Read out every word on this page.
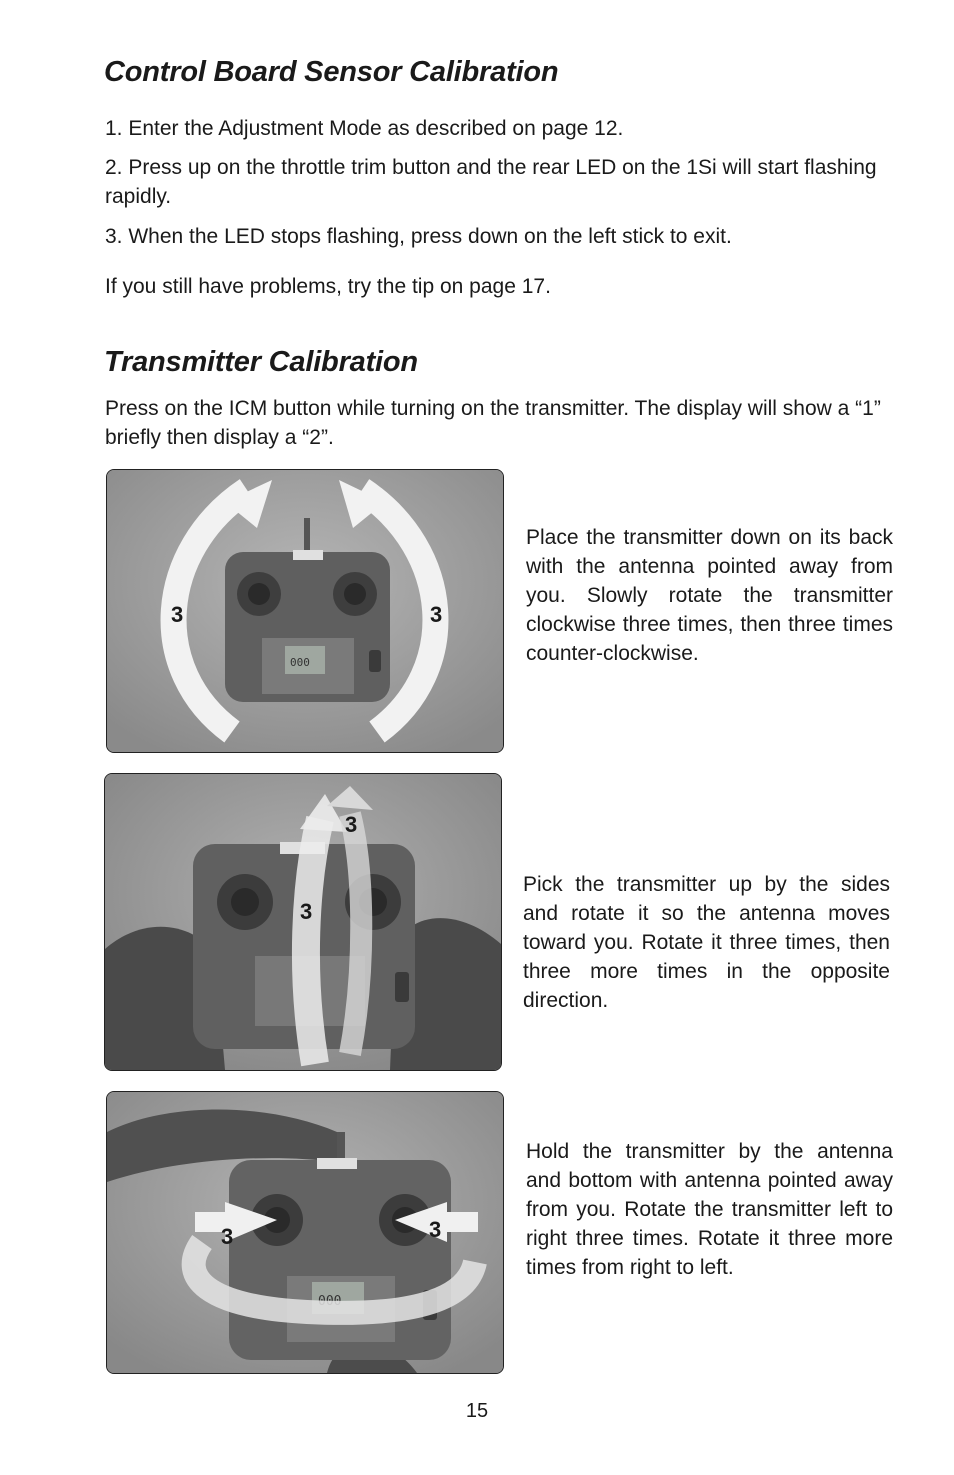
Control Board Sensor Calibration

1. Enter the Adjustment Mode as described on page 12.

2. Press up on the throttle trim button and the rear LED on the 1Si will start flashing rapidly.

3. When the LED stops flashing, press down on the left stick to exit.

If you still have problems, try the tip on page 17.

Transmitter Calibration

Press on the ICM button while turning on the transmitter. The display will show a “1” briefly then display a “2”.

000
3	3

Place the transmitter down on its back with the antenna pointed away from you. Slowly rotate the transmitter clockwise three times, then three times counter-clockwise.

3
3

Pick the transmitter up by the sides and rotate it so the antenna moves toward you. Rotate it three times, then three more times in the opposite direction.

000
3	3

Hold the transmitter by the antenna and bottom with antenna pointed away from you. Rotate the transmitter left to right three times. Rotate it three more times from right to left.

15
